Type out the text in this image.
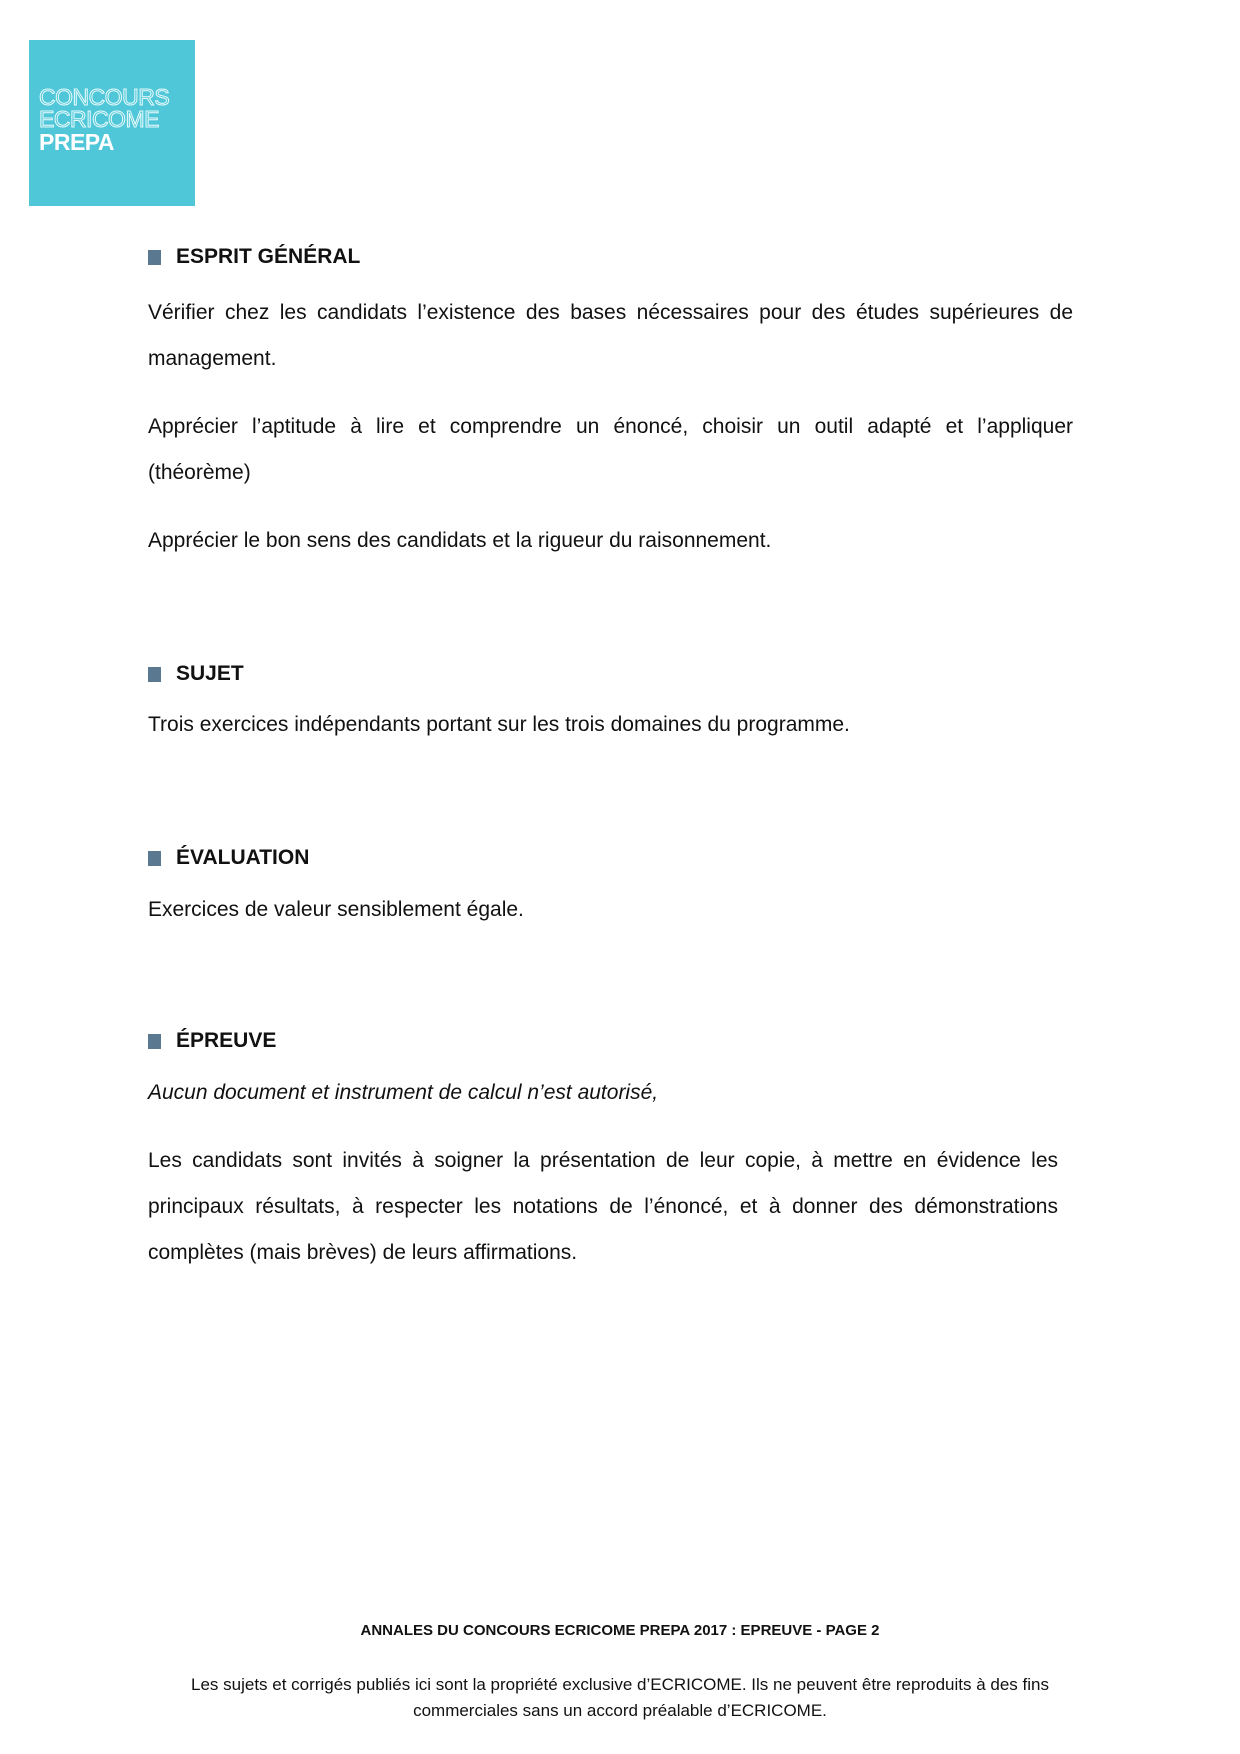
CONCOURS
ECRICOME
PREPA
ESPRIT GÉNÉRAL

Vérifier chez les candidats l’existence des bases nécessaires pour des études supérieures de management.

Apprécier l’aptitude à lire et comprendre un énoncé, choisir un outil adapté et l’appliquer (théorème)

Apprécier le bon sens des candidats et la rigueur du raisonnement.

SUJET

Trois exercices indépendants portant sur les trois domaines du programme.

ÉVALUATION

Exercices de valeur sensiblement égale.

ÉPREUVE

Aucun document et instrument de calcul n’est autorisé,

Les candidats sont invités à soigner la présentation de leur copie, à mettre en évidence les principaux résultats, à respecter les notations de l’énoncé, et à donner des démonstrations complètes (mais brèves) de leurs affirmations.

ANNALES DU CONCOURS ECRICOME PREPA 2017 : EPREUVE - PAGE 2
Les sujets et corrigés publiés ici sont la propriété exclusive d’ECRICOME. Ils ne peuvent être reproduits à des fins commerciales sans un accord préalable d’ECRICOME.
